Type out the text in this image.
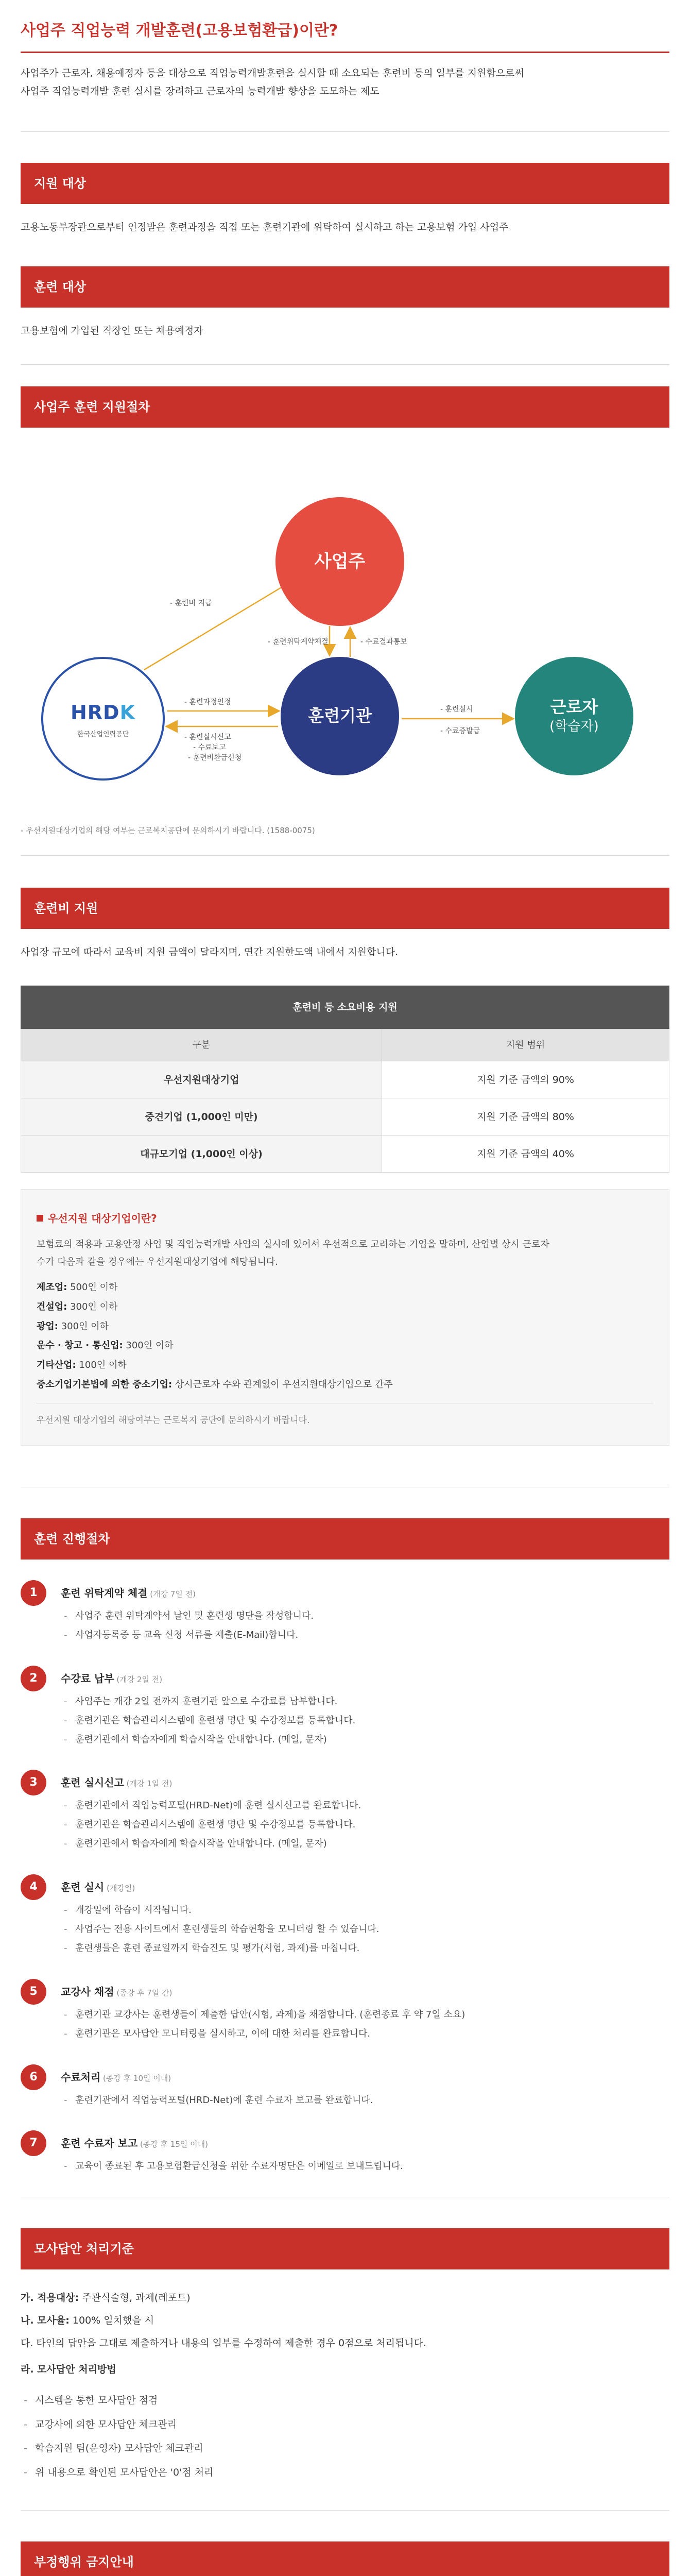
사업주 직업능력 개발훈련(고용보험환급)이란?
사업주가 근로자, 채용예정자 등을 대상으로 직업능력개발훈련을 실시할 때 소요되는 훈련비 등의 일부를 지원함으로써
사업주 직업능력개발 훈련 실시를 장려하고 근로자의 능력개발 향상을 도모하는 제도
지원 대상

고용노동부장관으로부터 인정받은 훈련과정을 직접 또는 훈련기관에 위탁하여 실시하고 하는 고용보험 가입 사업주

훈련 대상

고용보험에 가입된 직장인 또는 채용예정자

사업주 훈련 지원절차
사업주
훈련기관	근로자
(학습자)
HRDK
한국산업인력공단
- 훈련비 지급
- 훈련위탁계약체결	- 수료결과통보
- 훈련과정인정
- 훈련실시신고
- 수료보고
- 훈련비환급신청
- 훈련실시
- 수료증발급
- 우선지원대상기업의 해당 여부는 근로복지공단에 문의하시기 바랍니다. (1588-0075)
훈련비 지원

사업장 규모에 따라서 교육비 지원 금액이 달라지며, 연간 지원한도액 내에서 지원합니다.

훈련비 등 소요비용 지원
구분	지원 범위
우선지원대상기업	지원 기준 금액의 90%
중견기업 (1,000인 미만)	지원 기준 금액의 80%
대규모기업 (1,000인 이상)	지원 기준 금액의 40%
우선지원 대상기업이란?
보험료의 적용과 고용안정 사업 및 직업능력개발 사업의 실시에 있어서 우선적으로 고려하는 기업을 말하며, 산업별 상시 근로자
수가 다음과 같을 경우에는 우선지원대상기업에 해당됩니다.
제조업: 500인 이하
건설업: 300인 이하
광업: 300인 이하
운수 · 창고 · 통신업: 300인 이하
기타산업: 100인 이하
중소기업기본법에 의한 중소기업: 상시근로자 수와 관계없이 우선지원대상기업으로 간주
우선지원 대상기업의 해당여부는 근로복지 공단에 문의하시기 바랍니다.
훈련 진행절차
1	훈련 위탁계약 체결 (개강 7일 전)
- 사업주 훈련 위탁계약서 날인 및 훈련생 명단을 작성합니다.
- 사업자등록증 등 교육 신청 서류를 제출(E-Mail)합니다.
2	수강료 납부 (개강 2일 전)
- 사업주는 개강 2일 전까지 훈련기관 앞으로 수강료를 납부합니다.
- 훈련기관은 학습관리시스템에 훈련생 명단 및 수강정보를 등록합니다.
- 훈련기관에서 학습자에게 학습시작을 안내합니다. (메일, 문자)
3	훈련 실시신고 (개강 1일 전)
- 훈련기관에서 직업능력포털(HRD-Net)에 훈련 실시신고를 완료합니다.
- 훈련기관은 학습관리시스템에 훈련생 명단 및 수강정보를 등록합니다.
- 훈련기관에서 학습자에게 학습시작을 안내합니다. (메일, 문자)
4	훈련 실시 (개강일)
- 개강일에 학습이 시작됩니다.
- 사업주는 전용 사이트에서 훈련생들의 학습현황을 모니터링 할 수 있습니다.
- 훈련생들은 훈련 종료일까지 학습진도 및 평가(시험, 과제)를 마칩니다.
5	교강사 채점 (종강 후 7일 간)
- 훈련기관 교강사는 훈련생들이 제출한 답안(시험, 과제)을 채점합니다. (훈련종료 후 약 7일 소요)
- 훈련기관은 모사답안 모니터링을 실시하고, 이에 대한 처리를 완료합니다.
6	수료처리 (종강 후 10일 이내)
- 훈련기관에서 직업능력포털(HRD-Net)에 훈련 수료자 보고를 완료합니다.
7	훈련 수료자 보고 (종강 후 15일 이내)
- 교육이 종료된 후 고용보험환급신청을 위한 수료자명단은 이메일로 보내드립니다.
모사답안 처리기준

가. 적용대상: 주관식술형, 과제(레포트)

나. 모사율: 100% 일치했을 시

다. 타인의 답안을 그대로 제출하거나 내용의 일부를 수정하여 제출한 경우 0점으로 처리됩니다.

라. 모사답안 처리방법

- 시스템을 통한 모사답안 점검
- 교강사에 의한 모사답안 체크관리
- 학습지원 팀(운영자) 모사답안 체크관리
- 위 내용으로 확인된 모사답안은 '0'점 처리
부정행위 금지안내
